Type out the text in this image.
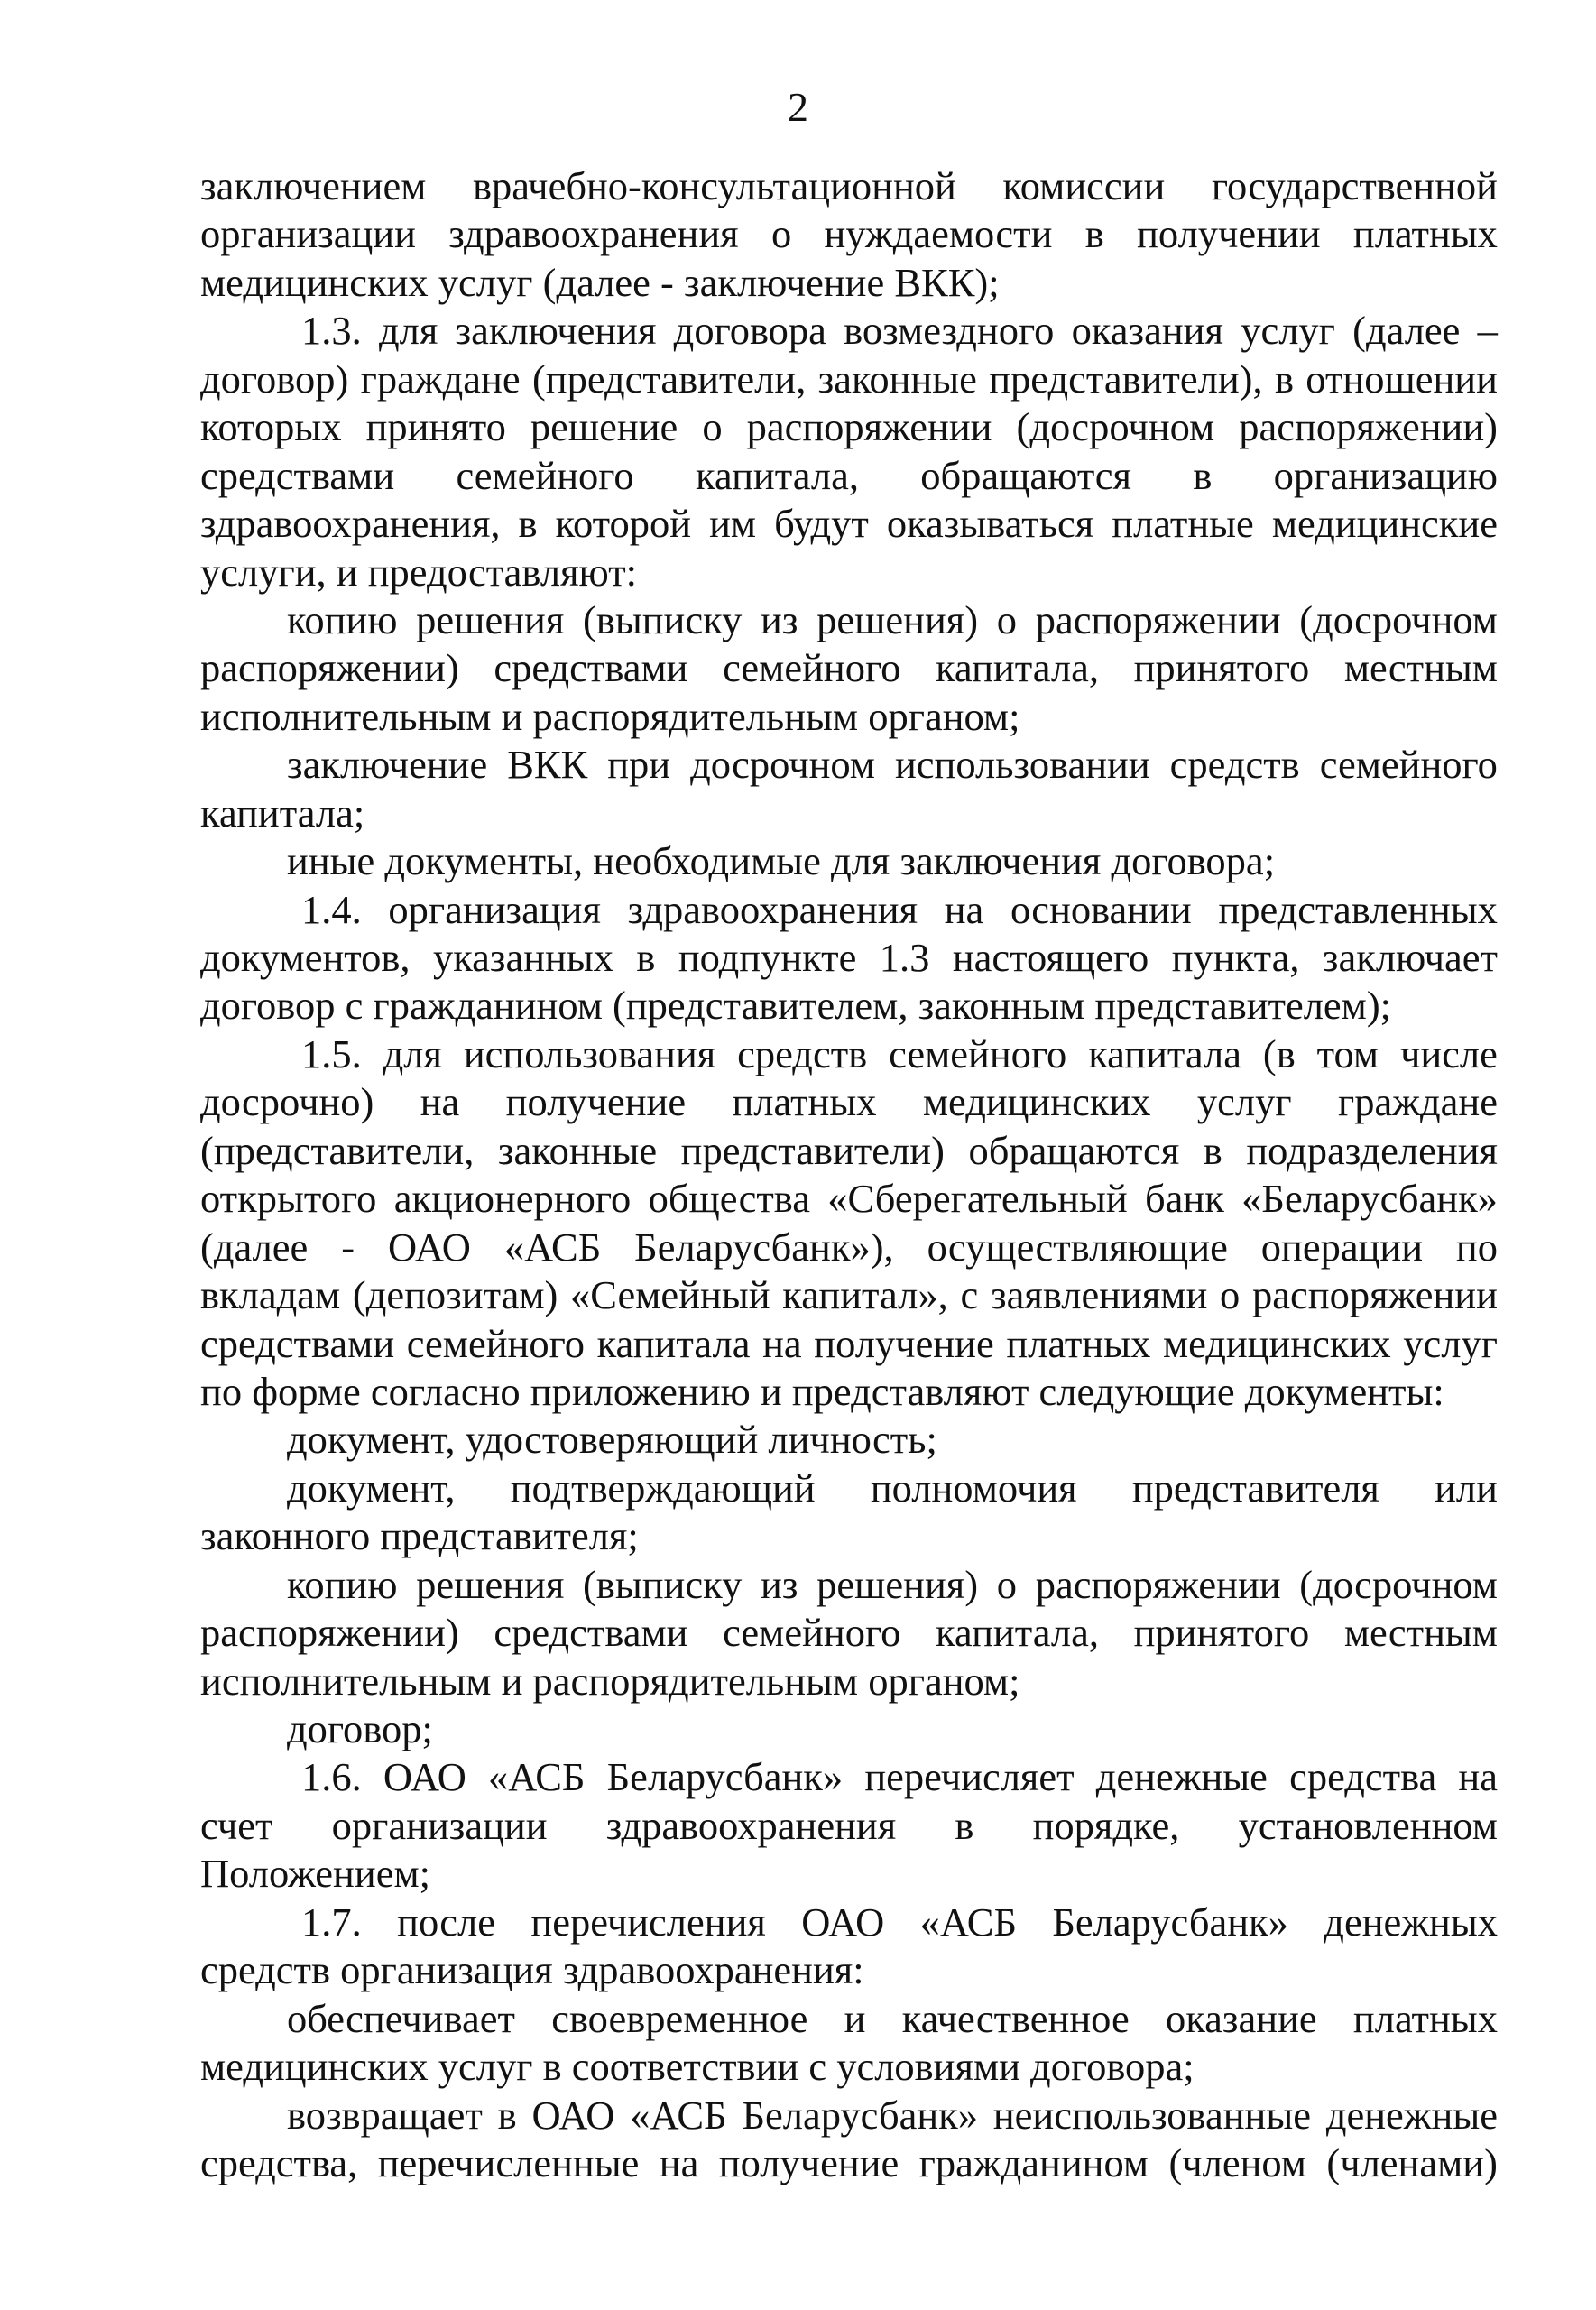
2
заключением врачебно-консультационной комиссии государственной
организации здравоохранения о нуждаемости в получении платных
медицинских услуг (далее - заключение ВКК);
1.3. для заключения договора возмездного оказания услуг (далее –
договор) граждане (представители, законные представители), в отношении
которых принято решение о распоряжении (досрочном распоряжении)
средствами семейного капитала, обращаются в организацию
здравоохранения, в которой им будут оказываться платные медицинские
услуги, и предоставляют:
копию решения (выписку из решения) о распоряжении (досрочном
распоряжении) средствами семейного капитала, принятого местным
исполнительным и распорядительным органом;
заключение ВКК при досрочном использовании средств семейного
капитала;
иные документы, необходимые для заключения договора;
1.4. организация здравоохранения на основании представленных
документов, указанных в подпункте 1.3 настоящего пункта, заключает
договор с гражданином (представителем, законным представителем);
1.5. для использования средств семейного капитала (в том числе
досрочно) на получение платных медицинских услуг граждане
(представители, законные представители) обращаются в подразделения
открытого акционерного общества «Сберегательный банк «Беларусбанк»
(далее - ОАО «АСБ Беларусбанк»), осуществляющие операции по
вкладам (депозитам) «Семейный капитал», с заявлениями о распоряжении
средствами семейного капитала на получение платных медицинских услуг
по форме согласно приложению и представляют следующие документы:
документ, удостоверяющий личность;
документ, подтверждающий полномочия представителя или
законного представителя;
копию решения (выписку из решения) о распоряжении (досрочном
распоряжении) средствами семейного капитала, принятого местным
исполнительным и распорядительным органом;
договор;
1.6. ОАО «АСБ Беларусбанк» перечисляет денежные средства на
счет организации здравоохранения в порядке, установленном
Положением;
1.7. после перечисления ОАО «АСБ Беларусбанк» денежных
средств организация здравоохранения:
обеспечивает своевременное и качественное оказание платных
медицинских услуг в соответствии с условиями договора;
возвращает в ОАО «АСБ Беларусбанк» неиспользованные денежные
средства, перечисленные на получение гражданином (членом (членами)
